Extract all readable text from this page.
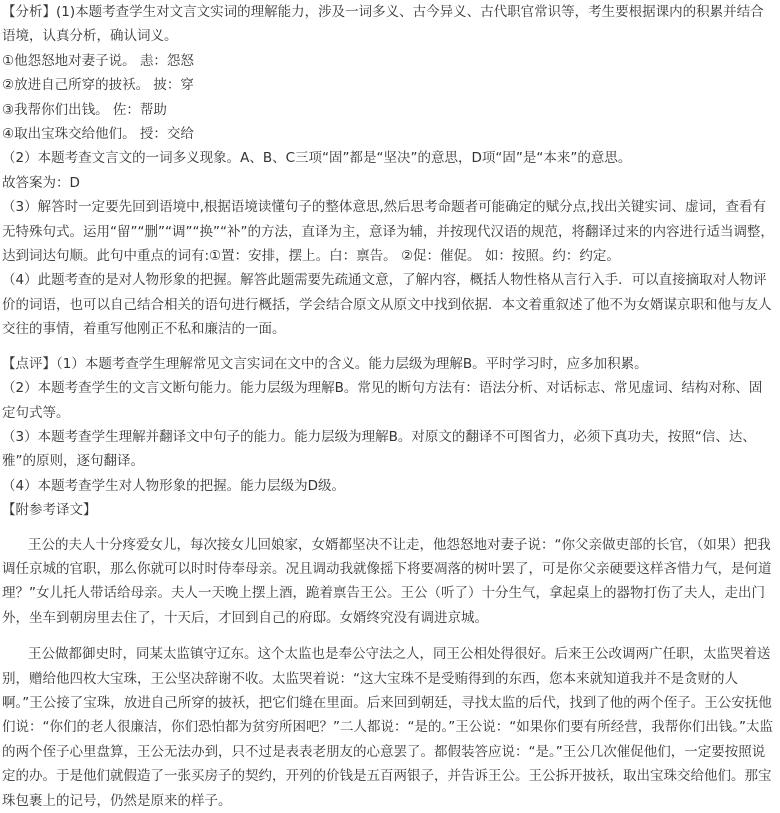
【分析】(1)本题考查学生对文言文实词的理解能力，涉及一词多义、古今异义、古代职官常识等，考生要根据课内的积累并结合语境，认真分析，确认词义。
①他怨怒地对妻子说。 恚：怨怒
②放进自己所穿的披袄。 披：穿
③我帮你们出钱。 佐：帮助
④取出宝珠交给他们。 授：交给
（2）本题考查文言文的一词多义现象。A、B、C三项“固”都是“坚决”的意思，D项“固”是“本来”的意思。
故答案为：D
（3）解答时一定要先回到语境中,根据语境读懂句子的整体意思,然后思考命题者可能确定的赋分点,找出关键实词、虚词，查看有无特殊句式。运用“留”“删”“调”“换”“补”的方法，直译为主，意译为辅，并按现代汉语的规范，将翻译过来的内容进行适当调整，达到词达句顺。此句中重点的词有:①置：安排，摆上。白：禀告。 ②促：催促。 如：按照。约：约定。
（4）此题考查的是对人物形象的把握。解答此题需要先疏通文意，了解内容，概括人物性格从言行入手．可以直接摘取对人物评价的词语，也可以自己结合相关的语句进行概括，学会结合原文从原文中找到依据．本文着重叙述了他不为女婿谋京职和他与友人交往的事情，着重写他刚正不私和廉洁的一面。
【点评】（1）本题考查学生理解常见文言实词在文中的含义。能力层级为理解B。平时学习时，应多加积累。
（2）本题考查学生的文言文断句能力。能力层级为理解B。常见的断句方法有：语法分析、对话标志、常见虚词、结构对称、固定句式等。
（3）本题考查学生理解并翻译文中句子的能力。能力层级为理解B。对原文的翻译不可图省力，必须下真功夫，按照“信、达、雅”的原则，逐句翻译。
（4）本题考查学生对人物形象的把握。能力层级为D级。
【附参考译文】
王公的夫人十分疼爱女儿，每次接女儿回娘家，女婿都坚决不让走，他怨怒地对妻子说：“你父亲做吏部的长官，（如果）把我调任京城的官职，那么你就可以时时侍奉母亲。况且调动我就像摇下将要凋落的树叶罢了，可是你父亲硬要这样吝惜力气，是何道理？”女儿托人带话给母亲。夫人一天晚上摆上酒，跪着禀告王公。王公（听了）十分生气，拿起桌上的器物打伤了夫人，走出门外，坐车到朝房里去住了，十天后，才回到自己的府邸。女婿终究没有调进京城。
王公做都御史时，同某太监镇守辽东。这个太监也是奉公守法之人，同王公相处得很好。后来王公改调两广任职，太监哭着送别，赠给他四枚大宝珠，王公坚决辞谢不收。太监哭着说：“这大宝珠不是受贿得到的东西，您本来就知道我并不是贪财的人啊。”王公接了宝珠，放进自己所穿的披袄，把它们缝在里面。后来回到朝廷，寻找太监的后代，找到了他的两个侄子。王公安抚他们说：“你们的老人很廉洁，你们恐怕都为贫穷所困吧？”二人都说：“是的。”王公说：“如果你们要有所经营，我帮你们出钱。”太监的两个侄子心里盘算，王公无法办到，只不过是表表老朋友的心意罢了。都假装答应说：“是。”王公几次催促他们，一定要按照说定的办。于是他们就假造了一张买房子的契约，开列的价钱是五百两银子，并告诉王公。王公拆开披袄，取出宝珠交给他们。那宝珠包裹上的记号，仍然是原来的样子。
